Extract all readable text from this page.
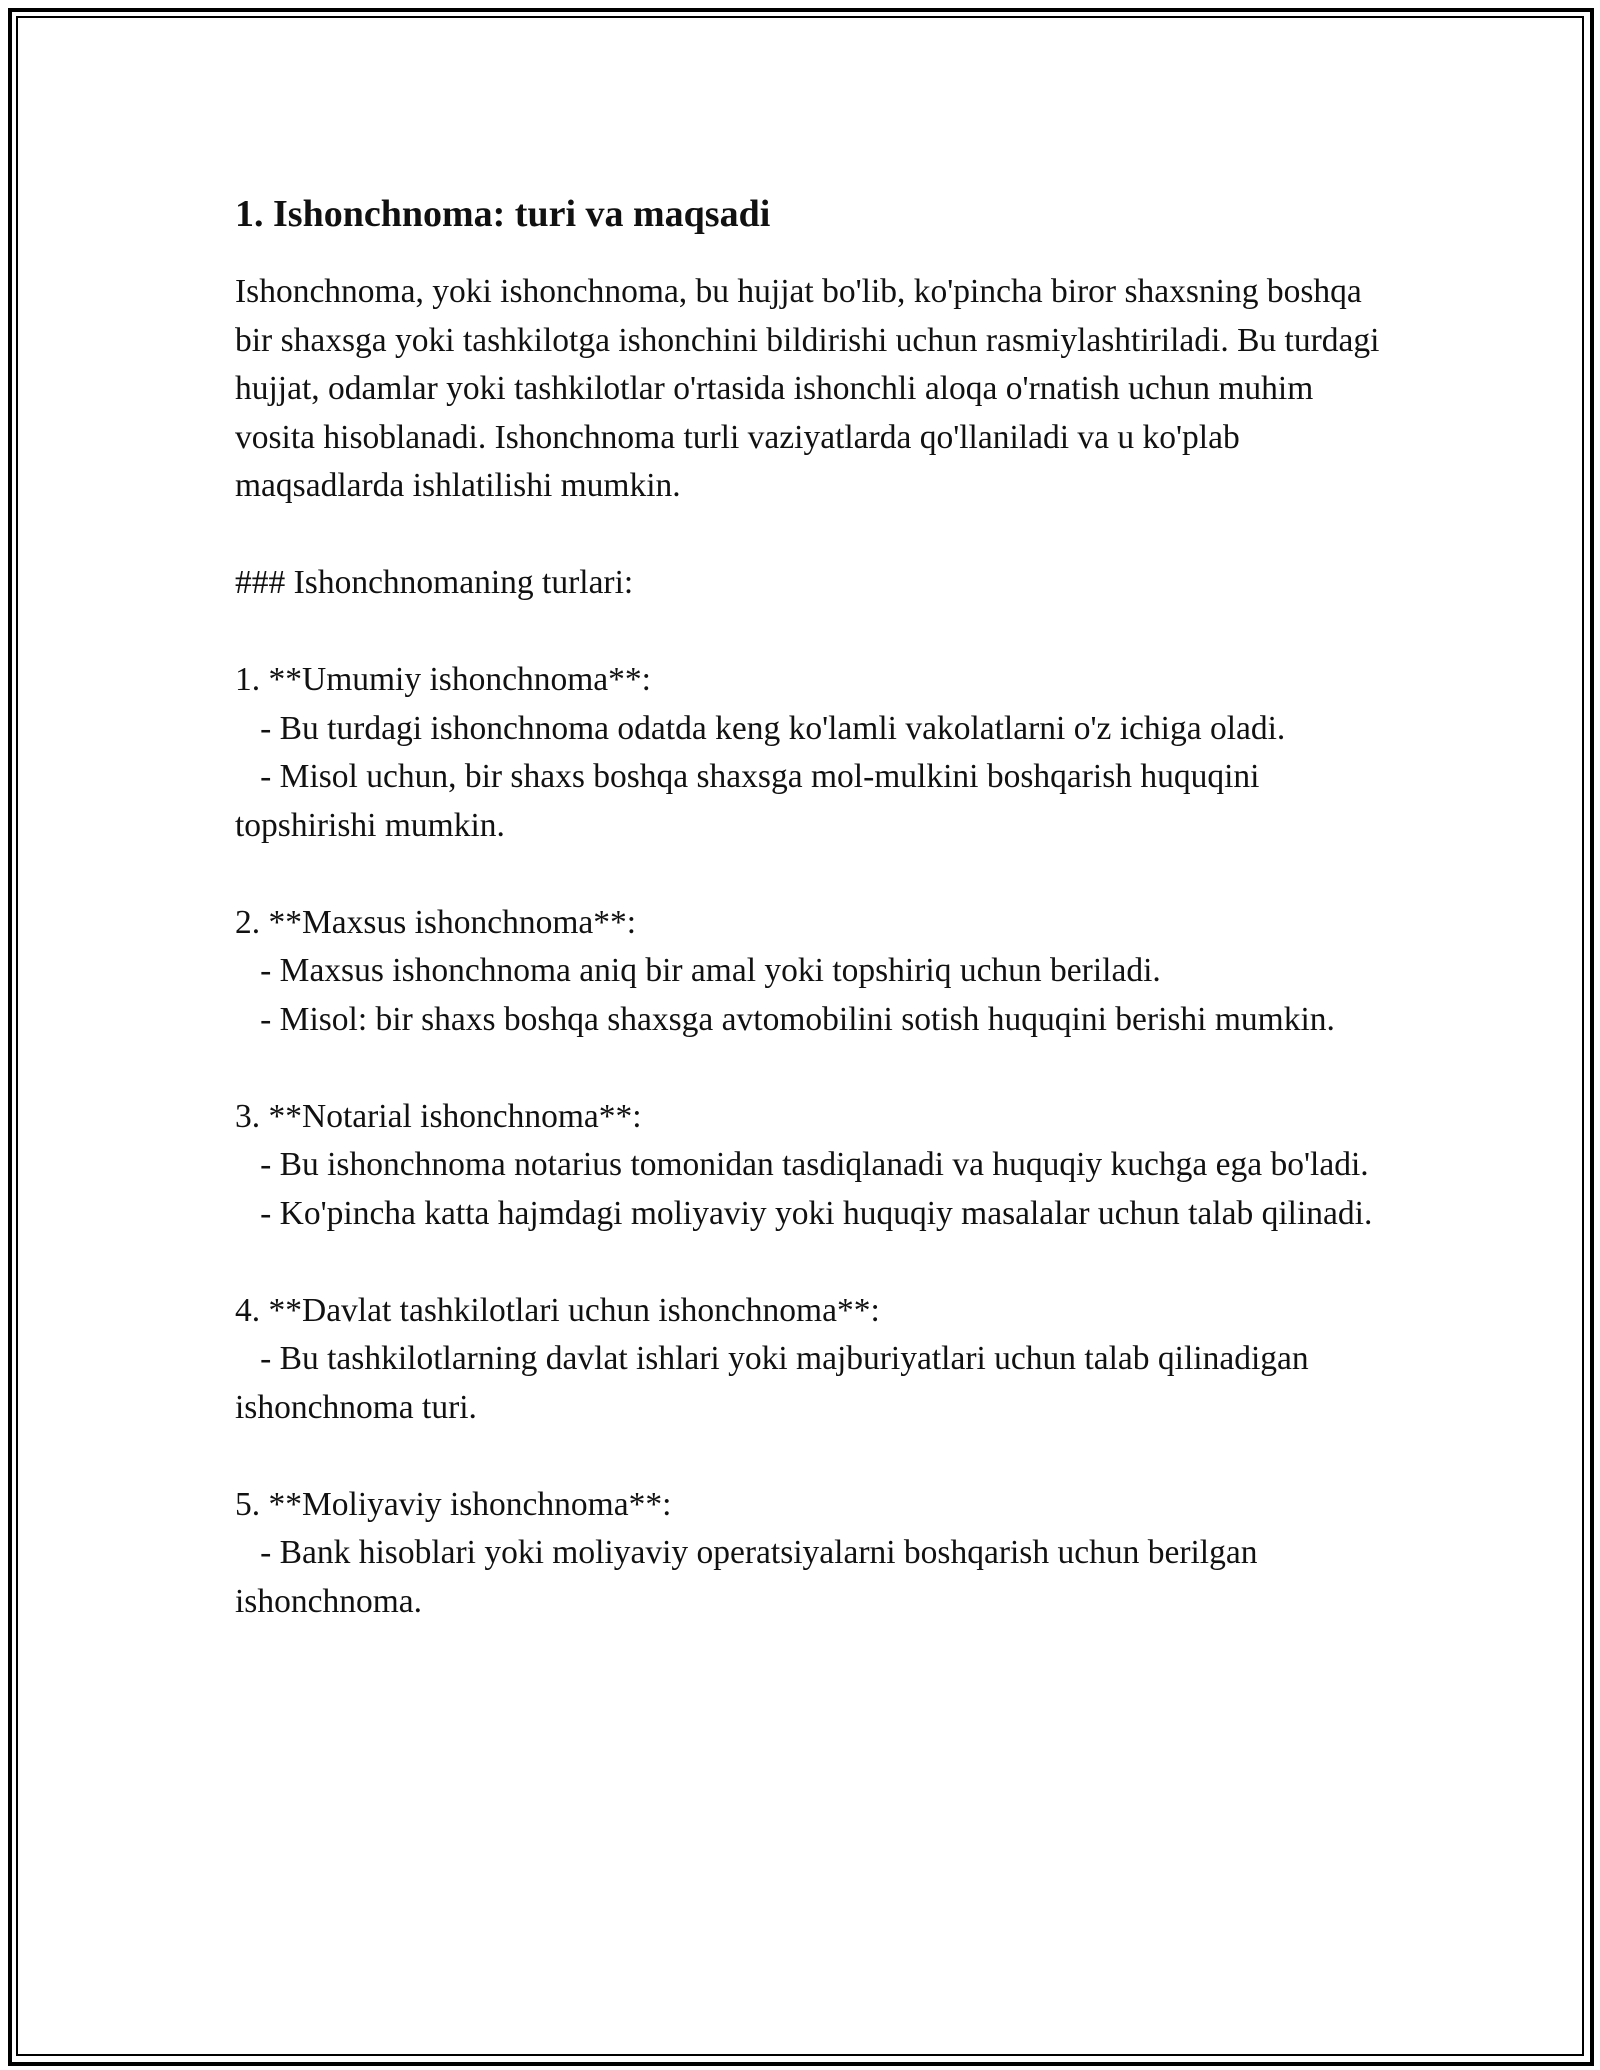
1. Ishonchnoma: turi va maqsadi

Ishonchnoma, yoki ishonchnoma, bu hujjat bo'lib, ko'pincha biror shaxsning boshqa bir shaxsga yoki tashkilotga ishonchini bildirishi uchun rasmiylashtiriladi. Bu turdagi hujjat, odamlar yoki tashkilotlar o'rtasida ishonchli aloqa o'rnatish uchun muhim vosita hisoblanadi. Ishonchnoma turli vaziyatlarda qo'llaniladi va u ko'plab maqsadlarda ishlatilishi mumkin.

### Ishonchnomaning turlari:

1. **Umumiy ishonchnoma**:

- Bu turdagi ishonchnoma odatda keng ko'lamli vakolatlarni o'z ichiga oladi.

- Misol uchun, bir shaxs boshqa shaxsga mol-mulkini boshqarish huquqini topshirishi mumkin.

2. **Maxsus ishonchnoma**:

- Maxsus ishonchnoma aniq bir amal yoki topshiriq uchun beriladi.

- Misol: bir shaxs boshqa shaxsga avtomobilini sotish huquqini berishi mumkin.

3. **Notarial ishonchnoma**:

- Bu ishonchnoma notarius tomonidan tasdiqlanadi va huquqiy kuchga ega bo'ladi.

- Ko'pincha katta hajmdagi moliyaviy yoki huquqiy masalalar uchun talab qilinadi.

4. **Davlat tashkilotlari uchun ishonchnoma**:

- Bu tashkilotlarning davlat ishlari yoki majburiyatlari uchun talab qilinadigan ishonchnoma turi.

5. **Moliyaviy ishonchnoma**:

- Bank hisoblari yoki moliyaviy operatsiyalarni boshqarish uchun berilgan ishonchnoma.
